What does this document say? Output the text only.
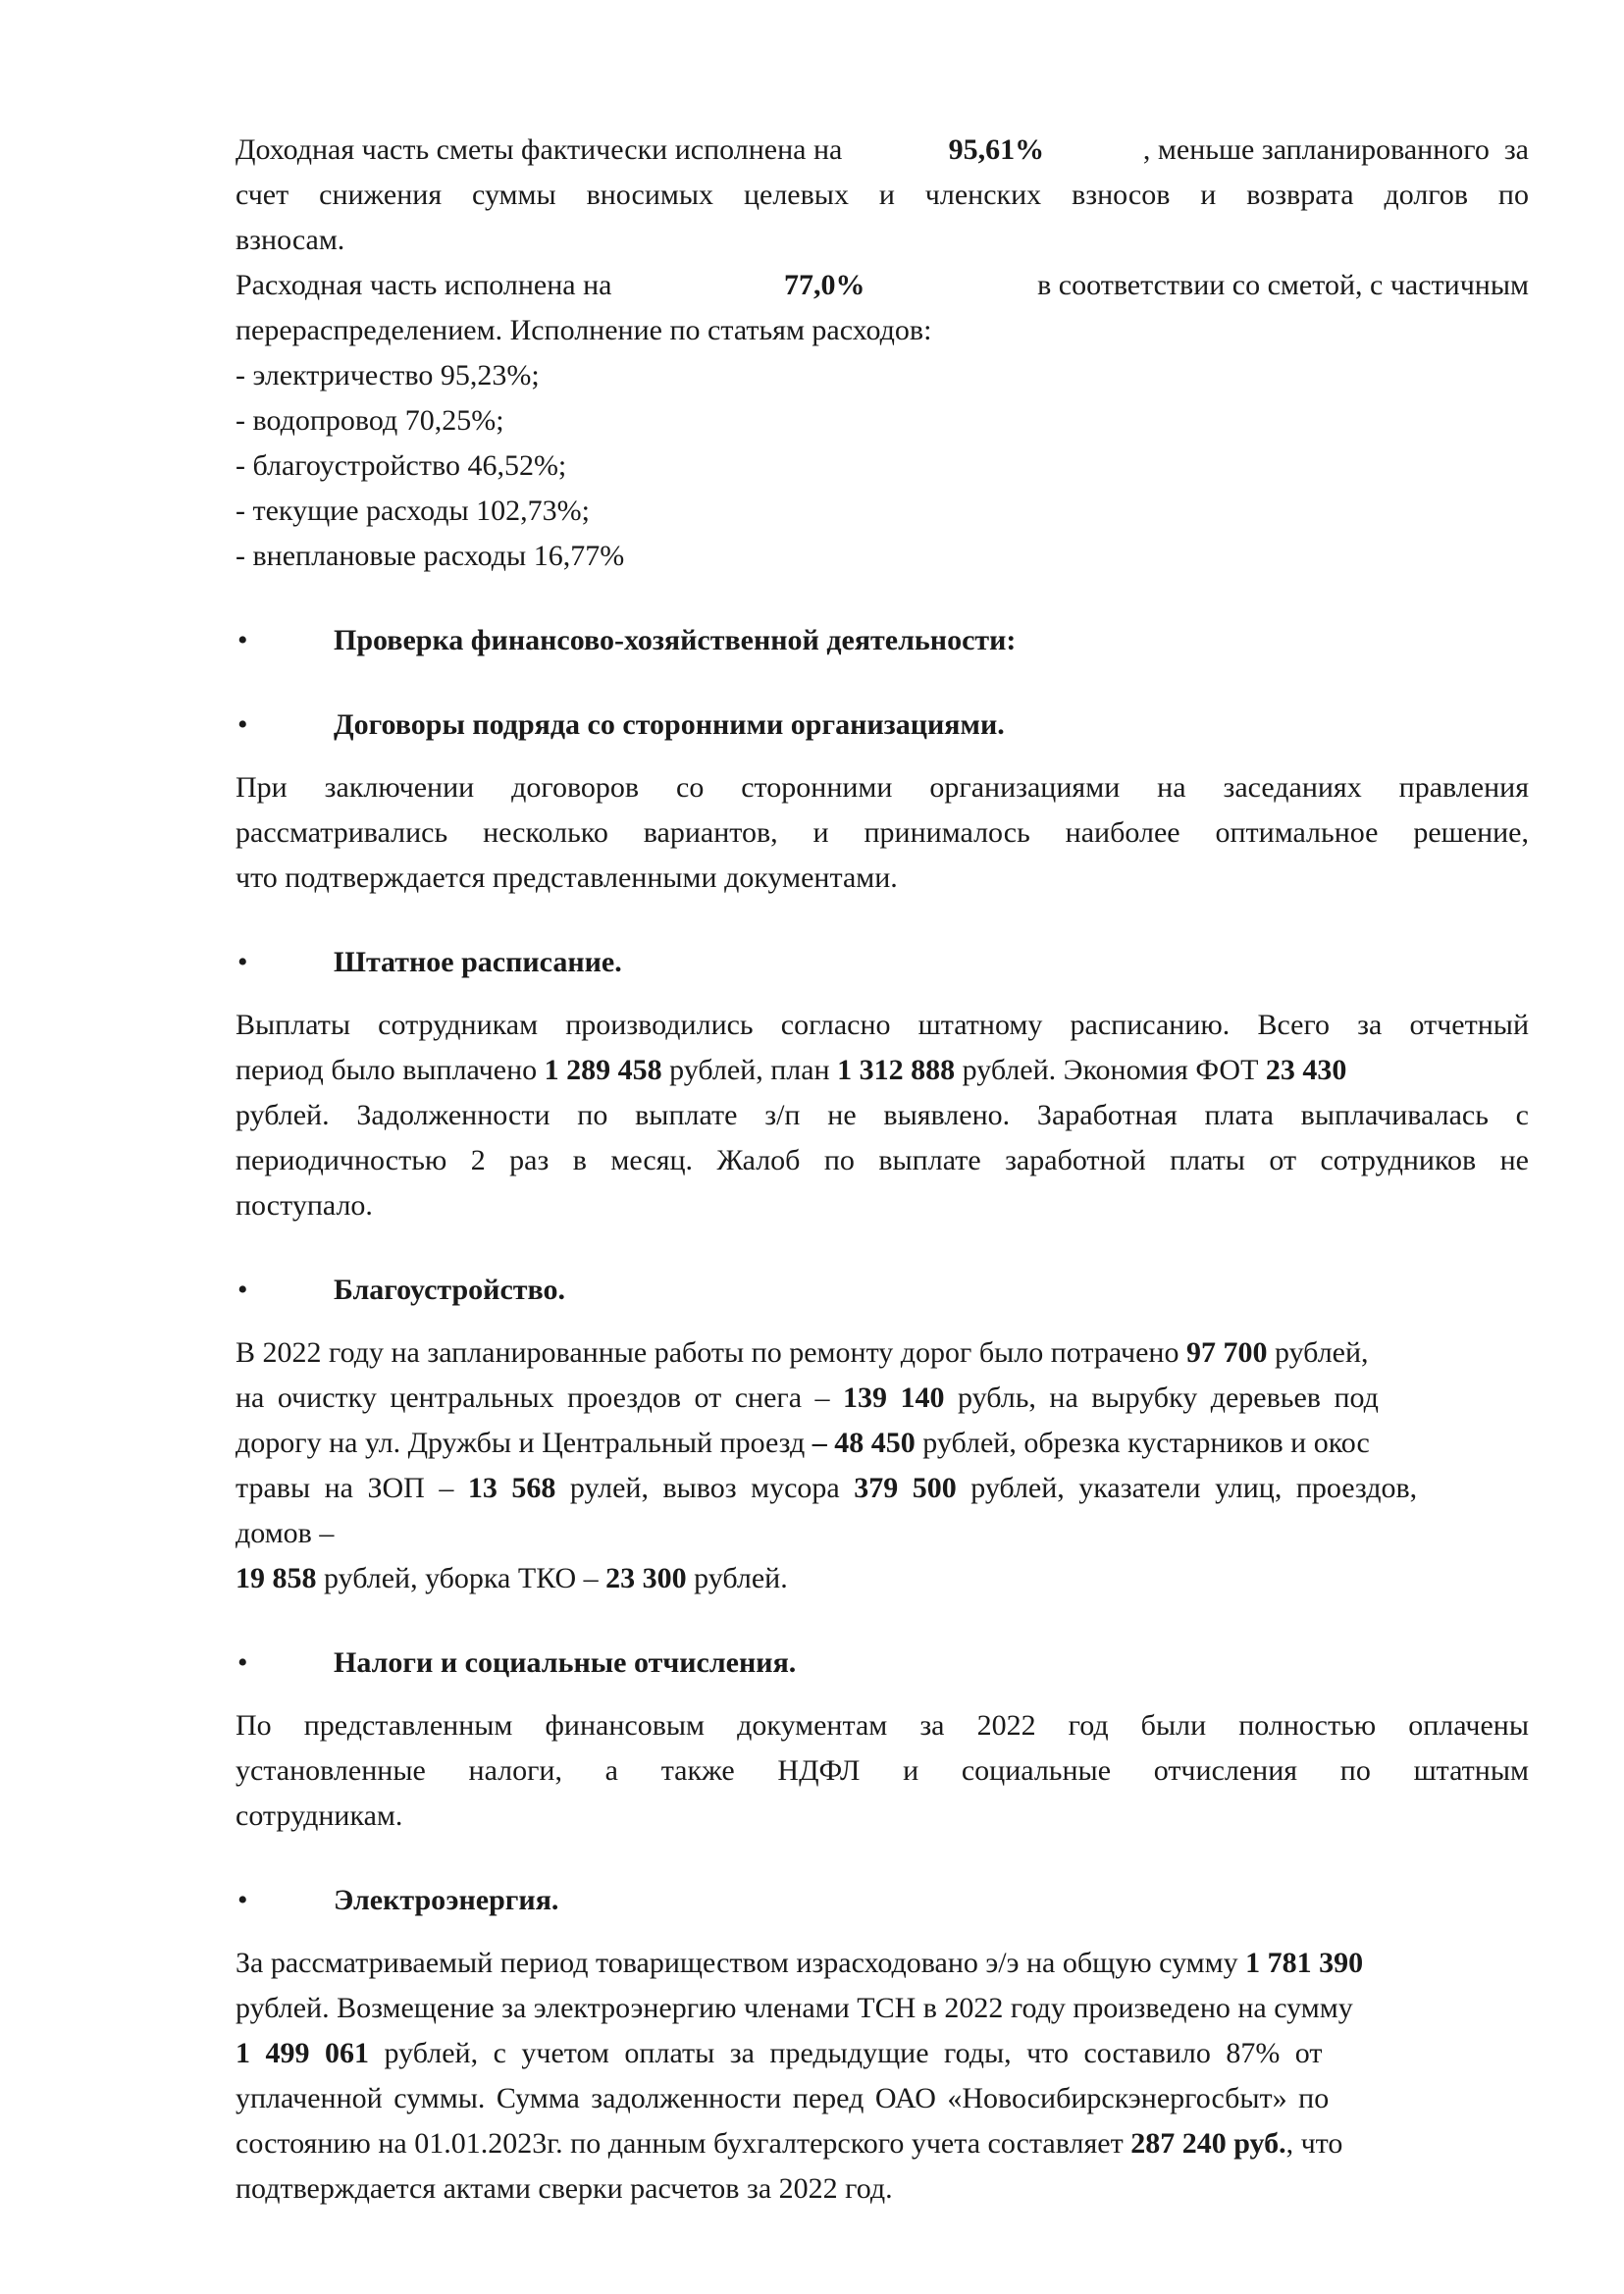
Доходная часть сметы фактически исполнена на	95,61%	, меньше запланированного  за
счет снижения суммы вносимых целевых и членских взносов и возврата долгов по
взносам.
Расходная часть исполнена на	77,0%	в соответствии со сметой, с частичным
перераспределением. Исполнение по статьям расходов:
- электричество 95,23%;
- водопровод 70,25%;
- благоустройство 46,52%;
- текущие расходы 102,73%;
- внеплановые расходы 16,77%
•	Проверка финансово-хозяйственной деятельности:
•	Договоры подряда со сторонними организациями.
При заключении договоров со сторонними организациями на заседаниях правления
рассматривались несколько вариантов, и принималось наиболее оптимальное решение,
что подтверждается представленными документами.
•	Штатное расписание.
Выплаты сотрудникам производились согласно штатному расписанию. Всего за отчетный
период было выплачено 1 289 458 рублей, план 1 312 888 рублей. Экономия ФОТ 23 430
рублей. Задолженности по выплате з/п не выявлено. Заработная плата выплачивалась с
периодичностью 2 раз в месяц. Жалоб по выплате заработной платы от сотрудников не
поступало.
•	Благоустройство.
В 2022 году на запланированные работы по ремонту дорог было потрачено 97 700 рублей,
на очистку центральных проездов от снега – 139 140 рубль, на вырубку деревьев под
дорогу на ул. Дружбы и Центральный проезд – 48 450 рублей, обрезка кустарников и окос
травы на ЗОП – 13 568 рулей, вывоз мусора 379 500 рублей, указатели улиц, проездов,
домов –
19 858 рублей, уборка ТКО – 23 300 рублей.
•	Налоги и социальные отчисления.
По представленным финансовым документам за 2022 год были полностью оплачены
установленные налоги, а также НДФЛ и социальные отчисления по штатным
сотрудникам.
•	Электроэнергия.
За рассматриваемый период товариществом израсходовано э/э на общую сумму 1 781 390
рублей. Возмещение за электроэнергию членами ТСН в 2022 году произведено на сумму
1 499 061 рублей, с учетом оплаты за предыдущие годы, что составило 87% от
уплаченной суммы. Сумма задолженности перед ОАО «Новосибирскэнергосбыт» по
состоянию на 01.01.2023г. по данным бухгалтерского учета составляет 287 240 руб., что
подтверждается актами сверки расчетов за 2022 год.
